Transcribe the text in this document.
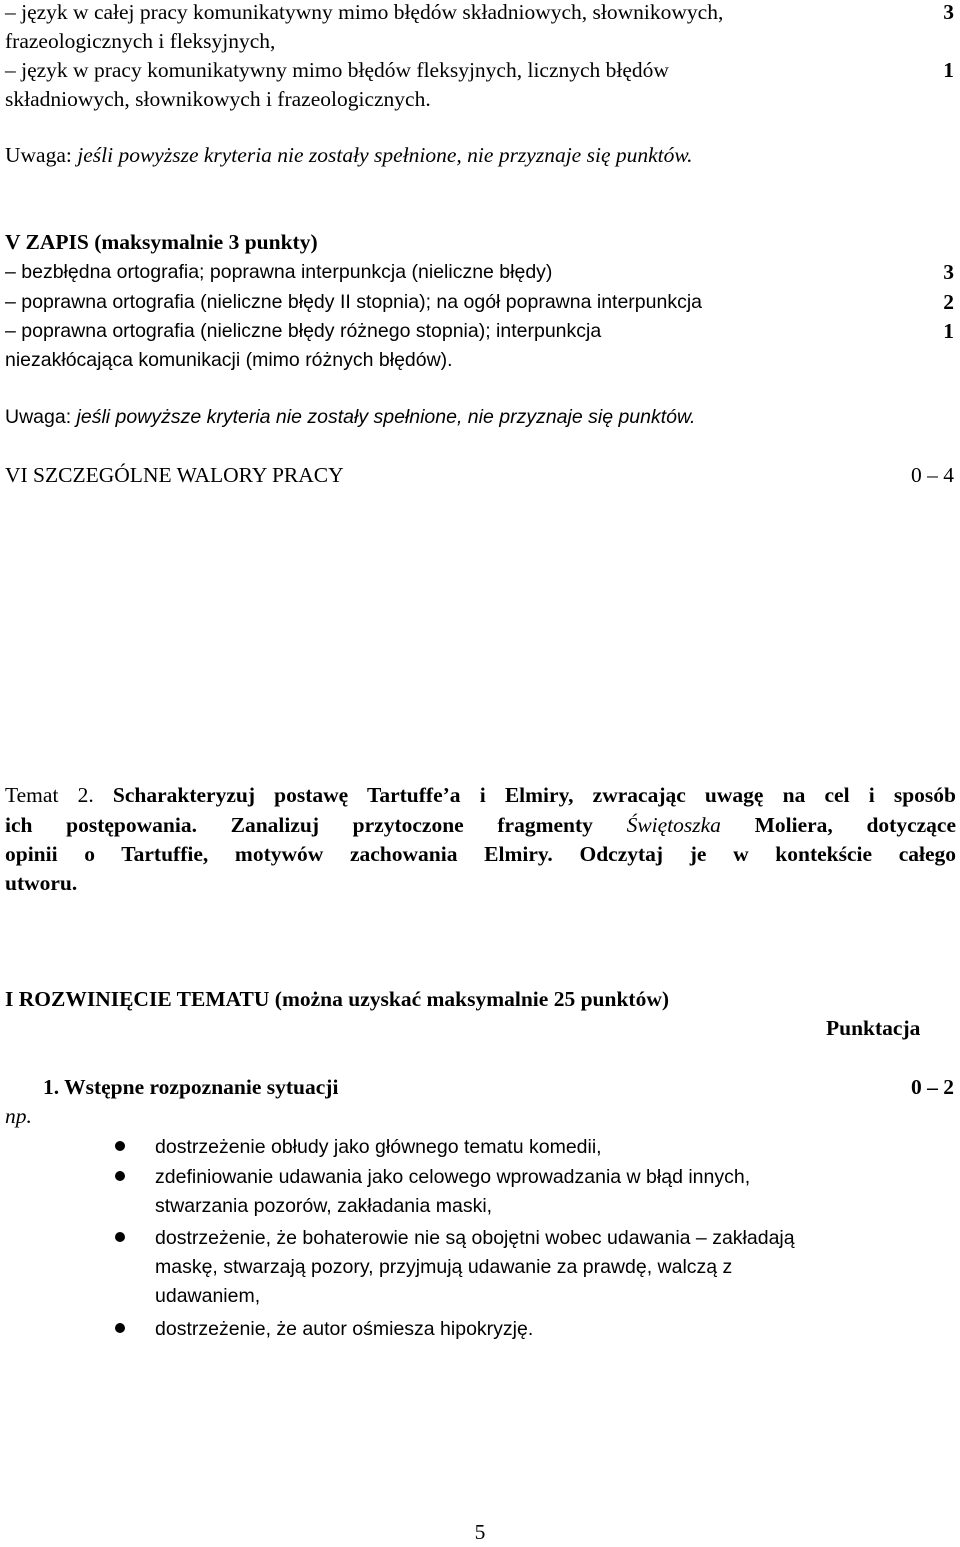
– język w całej pracy komunikatywny mimo błędów składniowych, słownikowych,	3
frazeologicznych i fleksyjnych,
– język w pracy komunikatywny mimo błędów fleksyjnych, licznych błędów	1
składniowych, słownikowych i frazeologicznych.
Uwaga: jeśli powyższe kryteria nie zostały spełnione, nie przyznaje się punktów.
V ZAPIS (maksymalnie 3 punkty)
– bezbłędna ortografia; poprawna interpunkcja (nieliczne błędy)	3
– poprawna ortografia (nieliczne błędy II stopnia); na ogół poprawna interpunkcja	2
– poprawna ortografia (nieliczne błędy różnego stopnia); interpunkcja	1
niezakłócająca komunikacji (mimo różnych błędów).
Uwaga: jeśli powyższe kryteria nie zostały spełnione, nie przyznaje się punktów.
VI SZCZEGÓLNE WALORY PRACY	0 – 4
Temat 2. Scharakteryzuj postawę Tartuffe’a i Elmiry, zwracając uwagę na cel i sposób
ich postępowania. Zanalizuj przytoczone fragmenty Świętoszka Moliera, dotyczące
opinii o Tartuffie, motywów zachowania Elmiry. Odczytaj je w kontekście całego
utworu.
I ROZWINIĘCIE TEMATU (można uzyskać maksymalnie 25 punktów)
Punktacja
1. Wstępne rozpoznanie sytuacji	0 – 2
np.
dostrzeżenie obłudy jako głównego tematu komedii,
zdefiniowanie udawania jako celowego wprowadzania w błąd innych,
stwarzania pozorów, zakładania maski,
dostrzeżenie, że bohaterowie nie są obojętni wobec udawania – zakładają
maskę, stwarzają pozory, przyjmują udawanie za prawdę, walczą z
udawaniem,
dostrzeżenie, że autor ośmiesza hipokryzję.
5
